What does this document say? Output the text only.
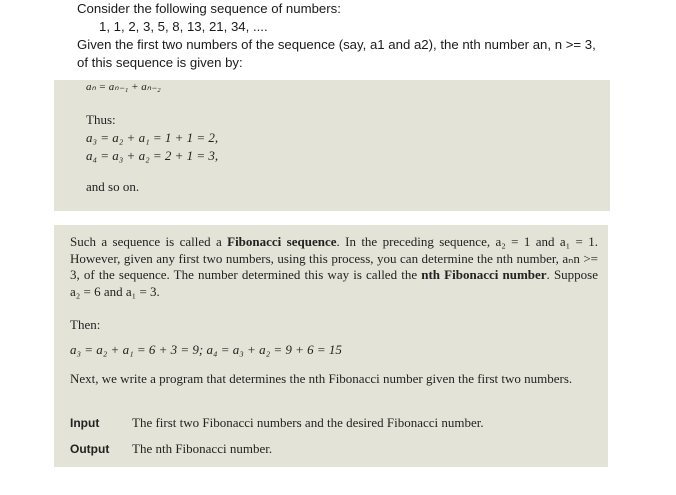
Consider the following sequence of numbers:

1, 1, 2, 3, 5, 8, 13, 21, 34, ....

Given the first two numbers of the sequence (say, a1 and a2), the nth number an, n >= 3,

of this sequence is given by:

aₙ = aₙ₋₁ + aₙ₋₂
Thus:
a₃ = a₂ + a₁ = 1 + 1 = 2,
a₄ = a₃ + a₂ = 2 + 1 = 3,
and so on.
Such a sequence is called a Fibonacci sequence. In the preceding sequence, a₂ = 1 and a₁ = 1. However, given any first two numbers, using this process, you can determine the nth number, aₙn >= 3, of the sequence. The number determined this way is called the nth Fibonacci number. Suppose a₂ = 6 and a₁ = 3.
Then:
a₃ = a₂ + a₁ = 6 + 3 = 9; a₄ = a₃ + a₂ = 9 + 6 = 15
Next, we write a program that determines the nth Fibonacci number given the first two numbers.
Input	The first two Fibonacci numbers and the desired Fibonacci number.
Output The nth Fibonacci number.
